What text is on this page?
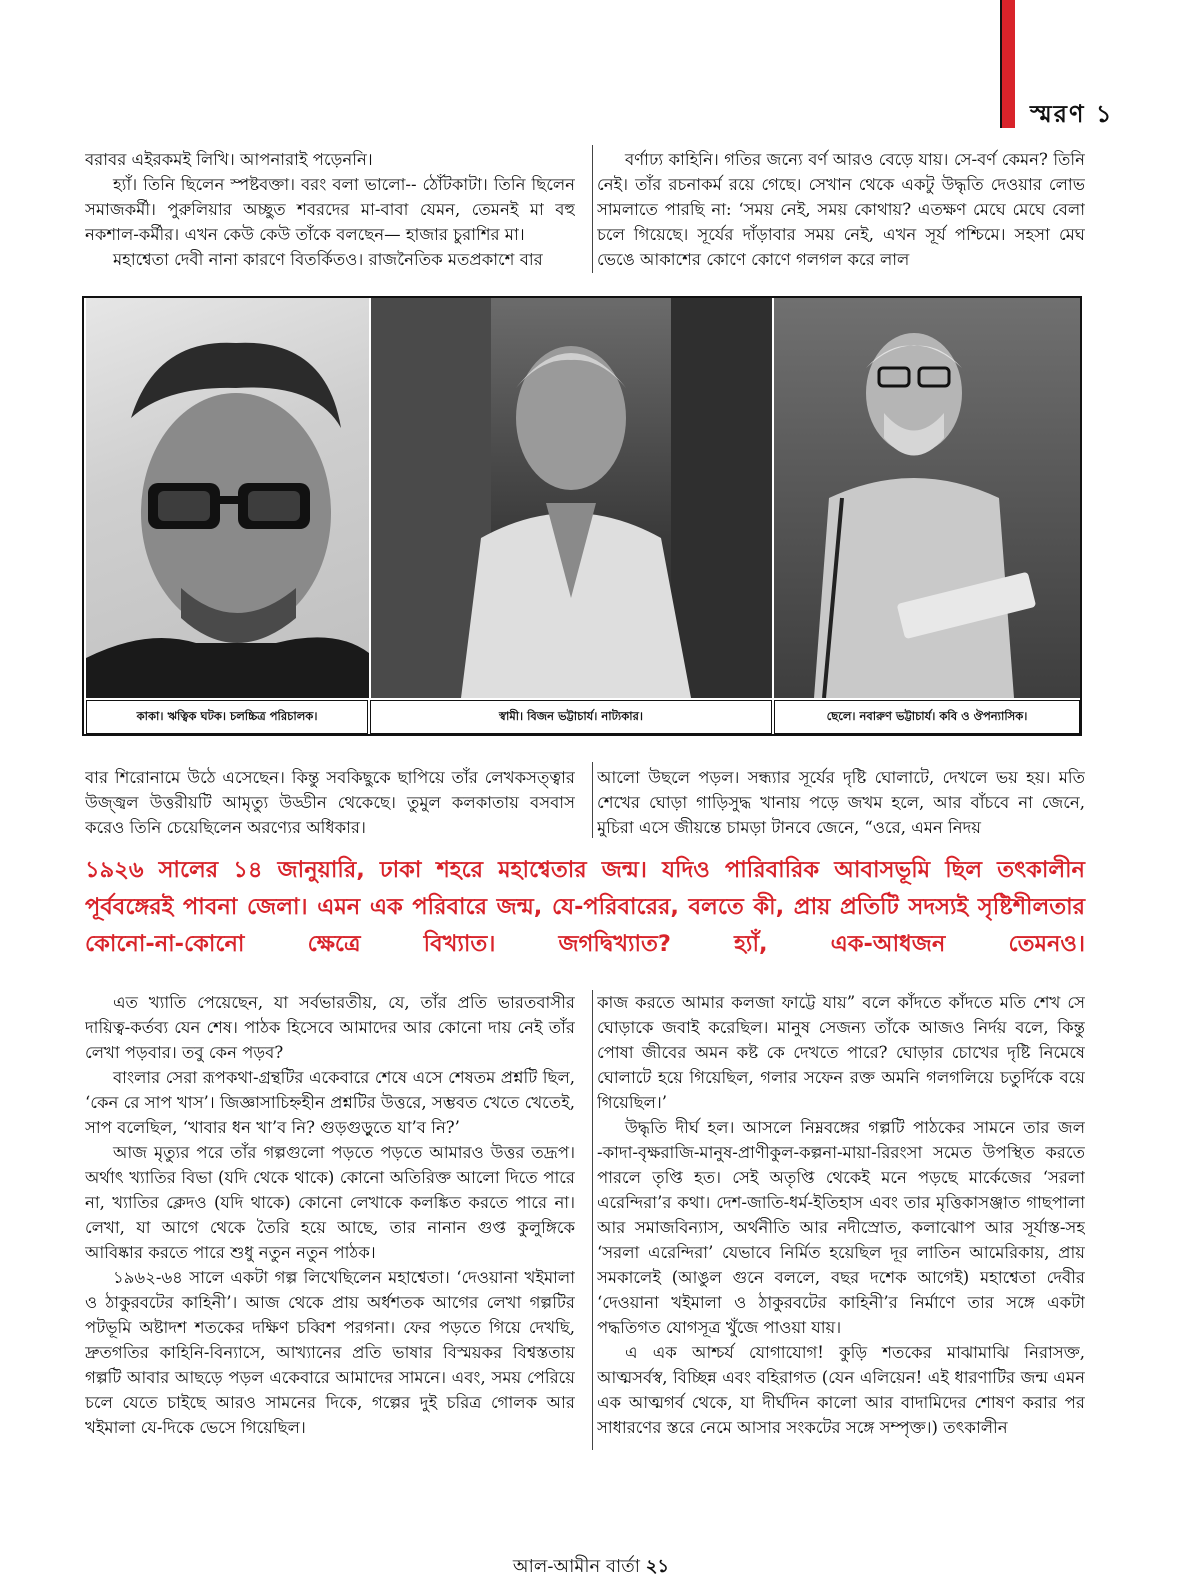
স্মরণ ১

বরাবর এইরকমই লিখি। আপনারাই পড়েননি।

হ্যাঁ। তিনি ছিলেন স্পষ্টবক্তা। বরং বলা ভালো-- ঠোঁটকাটা। তিনি ছিলেন সমাজকর্মী। পুরুলিয়ার অচ্ছুত শবরদের মা-বাবা যেমন, তেমনই মা বহু নকশাল-কর্মীর। এখন কেউ কেউ তাঁকে বলছেন— হাজার চুরাশির মা।

মহাশ্বেতা দেবী নানা কারণে বিতর্কিতও। রাজনৈতিক মতপ্রকাশে বার

বর্ণাঢ্য কাহিনি। গতির জন্যে বর্ণ আরও বেড়ে যায়। সে-বর্ণ কেমন? তিনি নেই। তাঁর রচনাকর্ম রয়ে গেছে। সেখান থেকে একটু উদ্ধৃতি দেওয়ার লোভ সামলাতে পারছি না: ‘সময় নেই, সময় কোথায়? এতক্ষণ মেঘে মেঘে বেলা চলে গিয়েছে। সূর্যের দাঁড়াবার সময় নেই, এখন সূর্য পশ্চিমে। সহসা মেঘ ভেঙে আকাশের কোণে কোণে গলগল করে লাল

কাকা। ঋত্বিক ঘটক। চলচ্চিত্র পরিচালক।	স্বামী। বিজন ভট্টাচার্য। নাট্যকার।	ছেলে। নবারুণ ভট্টাচার্য। কবি ও ঔপন্যাসিক।

বার শিরোনামে উঠে এসেছেন। কিন্তু সবকিছুকে ছাপিয়ে তাঁর লেখকসত্ত্বার উজ্জ্বল উত্তরীয়টি আমৃত্যু উড্ডীন থেকেছে। তুমুল কলকাতায় বসবাস করেও তিনি চেয়েছিলেন অরণ্যের অধিকার।

আলো উছলে পড়ল। সন্ধ্যার সূর্যের দৃষ্টি ঘোলাটে, দেখলে ভয় হয়। মতি শেখের ঘোড়া গাড়িসুদ্ধ খানায় পড়ে জখম হলে, আর বাঁচবে না জেনে, মুচিরা এসে জীয়ন্তে চামড়া টানবে জেনে, “ওরে, এমন নিদয়

১৯২৬ সালের ১৪ জানুয়ারি, ঢাকা শহরে মহাশ্বেতার জন্ম। যদিও পারিবারিক আবাসভূমি ছিল তৎকালীন পূর্ববঙ্গেরই পাবনা জেলা। এমন এক পরিবারে জন্ম, যে-পরিবারের, বলতে কী, প্রায় প্রতিটি সদস্যই সৃষ্টিশীলতার কোনো-না-কোনো ক্ষেত্রে বিখ্যাত। জগদ্বিখ্যাত? হ্যাঁ, এক-আধজন তেমনও।

এত খ্যাতি পেয়েছেন, যা সর্বভারতীয়, যে, তাঁর প্রতি ভারতবাসীর দায়িত্ব-কর্তব্য যেন শেষ। পাঠক হিসেবে আমাদের আর কোনো দায় নেই তাঁর লেখা পড়বার। তবু কেন পড়ব?

বাংলার সেরা রূপকথা-গ্রন্থটির একেবারে শেষে এসে শেষতম প্রশ্নটি ছিল, ‘কেন রে সাপ খাস’। জিজ্ঞাসাচিহ্নহীন প্রশ্নটির উত্তরে, সম্ভবত খেতে খেতেই, সাপ বলেছিল, ‘খাবার ধন খা’ব নি? গুড়গুড়ুতে যা’ব নি?’

আজ মৃত্যুর পরে তাঁর গল্পগুলো পড়তে পড়তে আমারও উত্তর তদ্রূপ। অর্থাৎ খ্যাতির বিভা (যদি থেকে থাকে) কোনো অতিরিক্ত আলো দিতে পারে না, খ্যাতির ক্লেদও (যদি থাকে) কোনো লেখাকে কলঙ্কিত করতে পারে না। লেখা, যা আগে থেকে তৈরি হয়ে আছে, তার নানান গুপ্ত কুলুঙ্গিকে আবিষ্কার করতে পারে শুধু নতুন নতুন পাঠক।

১৯৬২-৬৪ সালে একটা গল্প লিখেছিলেন মহাশ্বেতা। ‘দেওয়ানা খইমালা ও ঠাকুরবটের কাহিনী’। আজ থেকে প্রায় অর্ধশতক আগের লেখা গল্পটির পটভূমি অষ্টাদশ শতকের দক্ষিণ চব্বিশ পরগনা। ফের পড়তে গিয়ে দেখছি, দ্রুতগতির কাহিনি-বিন্যাসে, আখ্যানের প্রতি ভাষার বিস্ময়কর বিশ্বস্ততায় গল্পটি আবার আছড়ে পড়ল একেবারে আমাদের সামনে। এবং, সময় পেরিয়ে চলে যেতে চাইছে আরও সামনের দিকে, গল্পের দুই চরিত্র গোলক আর খইমালা যে-দিকে ভেসে গিয়েছিল।

কাজ করতে আমার কলজা ফাট্টে যায়” বলে কাঁদতে কাঁদতে মতি শেখ সে ঘোড়াকে জবাই করেছিল। মানুষ সেজন্য তাঁকে আজও নির্দয় বলে, কিন্তু পোষা জীবের অমন কষ্ট কে দেখতে পারে? ঘোড়ার চোখের দৃষ্টি নিমেষে ঘোলাটে হয়ে গিয়েছিল, গলার সফেন রক্ত অমনি গলগলিয়ে চতুর্দিকে বয়ে গিয়েছিল।’

উদ্ধৃতি দীর্ঘ হল। আসলে নিম্নবঙ্গের গল্পটি পাঠকের সামনে তার জল -কাদা-বৃক্ষরাজি-মানুষ-প্রাণীকুল-কল্পনা-মায়া-রিরংসা সমেত উপস্থিত করতে পারলে তৃপ্তি হত। সেই অতৃপ্তি থেকেই মনে পড়ছে মার্কেজের ‘সরলা এরেন্দিরা’র কথা। দেশ-জাতি-ধর্ম-ইতিহাস এবং তার মৃত্তিকাসঞ্জাত গাছপালা আর সমাজবিন্যাস, অর্থনীতি আর নদীস্রোত, কলাঝোপ আর সূর্যাস্ত-সহ ‘সরলা এরেন্দিরা’ যেভাবে নির্মিত হয়েছিল দূর লাতিন আমেরিকায়, প্রায় সমকালেই (আঙুল গুনে বললে, বছর দশেক আগেই) মহাশ্বেতা দেবীর ‘দেওয়ানা খইমালা ও ঠাকুরবটের কাহিনী’র নির্মাণে তার সঙ্গে একটা পদ্ধতিগত যোগসূত্র খুঁজে পাওয়া যায়।

এ এক আশ্চর্য যোগাযোগ! কুড়ি শতকের মাঝামাঝি নিরাসক্ত, আত্মসর্বস্ব, বিচ্ছিন্ন এবং বহিরাগত (যেন এলিয়েন! এই ধারণাটির জন্ম এমন এক আত্মগর্ব থেকে, যা দীর্ঘদিন কালো আর বাদামিদের শোষণ করার পর সাধারণের স্তরে নেমে আসার সংকটের সঙ্গে সম্পৃক্ত।) তৎকালীন

আল-আমীন বার্তা ২১
